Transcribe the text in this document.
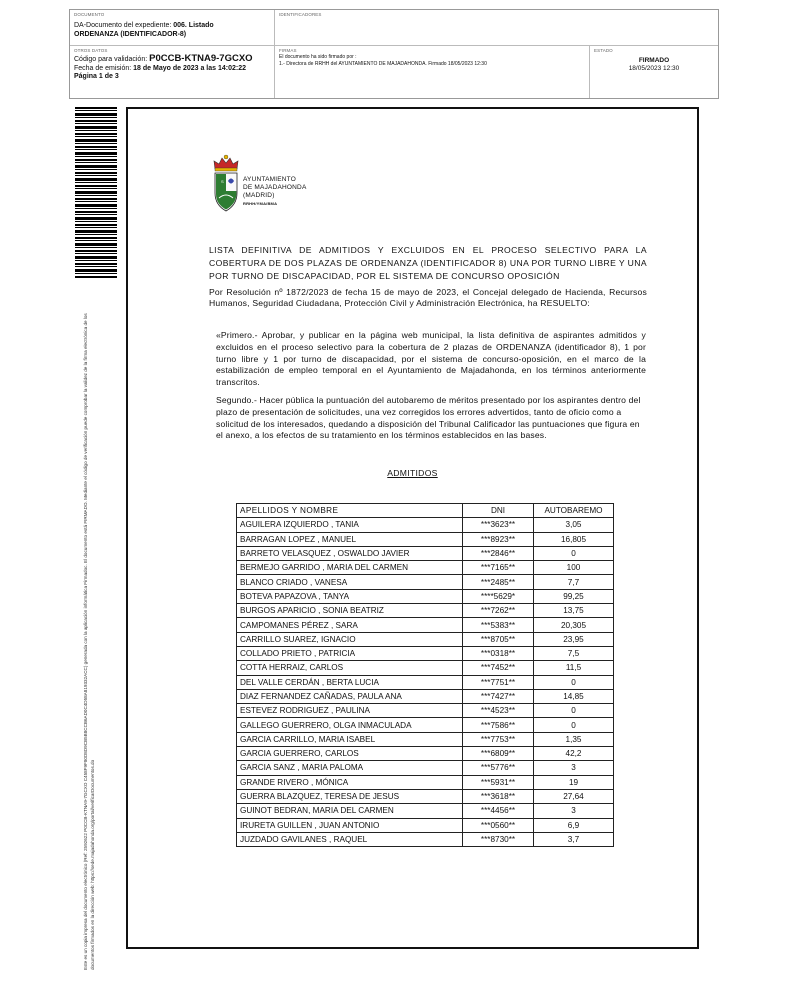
DOCUMENTO
DA-Documento del expediente: 006. Listado
ORDENANZA (IDENTIFICADOR-8)
IDENTIFICADORES
OTROS DATOS
Código para validación: P0CCB-KTNA9-7GCXO
Fecha de emisión: 18 de Mayo de 2023 a las 14:02:22
Página 1 de 3
FIRMAS
El documento ha sido firmado por :
1.- Directora de RRHH del AYUNTAMIENTO DE MAJADAHONDA. Firmado 18/05/2023 12:30
ESTADO
FIRMADO
18/05/2023 12:30
Este es un copia impresa del documento electrónico (Ref: 2592622 P0CCB-KTNA9-7GCXO C458F9F80D8D9CB5B8CCB6AD0C4D58A819332ACC) generada con la aplicación informática Firmadoc. El documento está FIRMADO. Mediante el código de verificación puede comprobar la validez de la firma electrónica de los documentos firmados en la dirección web: https://sede.majadahonda.org/portal/verificarDocumentos.do
S	AYUNTAMIENTO
DE MAJADAHONDA
(MADRID)
RRHH/YMA/BMA
LISTA DEFINITIVA DE ADMITIDOS Y EXCLUIDOS EN EL PROCESO SELECTIVO PARA LA COBERTURA DE DOS PLAZAS DE ORDENANZA (IDENTIFICADOR 8) UNA POR TURNO LIBRE Y UNA POR TURNO DE DISCAPACIDAD, POR EL SISTEMA DE CONCURSO OPOSICIÓN
Por Resolución nº 1872/2023 de fecha 15 de mayo de 2023, el Concejal delegado de Hacienda, Recursos Humanos, Seguridad Ciudadana, Protección Civil y Administración Electrónica, ha RESUELTO:
«Primero.- Aprobar, y publicar en la página web municipal, la lista definitiva de aspirantes admitidos y excluidos en el proceso selectivo para la cobertura de 2 plazas de ORDENANZA (identificador 8), 1 por turno libre y 1 por turno de discapacidad, por el sistema de concurso-oposición, en el marco de la estabilización de empleo temporal en el Ayuntamiento de Majadahonda, en los términos anteriormente transcritos.
Segundo.- Hacer pública la puntuación del autobaremo de méritos presentado por los aspirantes dentro del plazo de presentación de solicitudes, una vez corregidos los errores advertidos, tanto de oficio como a solicitud de los interesados, quedando a disposición del Tribunal Calificador las puntuaciones que figura en el anexo, a los efectos de su tratamiento en los términos establecidos en las bases.
ADMITIDOS
APELLIDOS Y NOMBRE	DNI	AUTOBAREMO
AGUILERA IZQUIERDO , TANIA	***3623**	3,05
BARRAGAN LOPEZ , MANUEL	***8923**	16,805
BARRETO VELASQUEZ , OSWALDO JAVIER	***2846**	0
BERMEJO GARRIDO , MARIA DEL CARMEN	***7165**	100
BLANCO CRIADO , VANESA	***2485**	7,7
BOTEVA PAPAZOVA , TANYA	****5629*	99,25
BURGOS APARICIO , SONIA BEATRIZ	***7262**	13,75
CAMPOMANES PÉREZ , SARA	***5383**	20,305
CARRILLO SUAREZ, IGNACIO	***8705**	23,95
COLLADO PRIETO , PATRICIA	***0318**	7,5
COTTA HERRAIZ, CARLOS	***7452**	11,5
DEL VALLE CERDÁN , BERTA LUCIA	***7751**	0
DIAZ FERNANDEZ CAÑADAS, PAULA ANA	***7427**	14,85
ESTEVEZ RODRIGUEZ , PAULINA	***4523**	0
GALLEGO GUERRERO, OLGA INMACULADA	***7586**	0
GARCIA CARRILLO, MARIA ISABEL	***7753**	1,35
GARCIA GUERRERO, CARLOS	***6809**	42,2
GARCIA SANZ , MARIA PALOMA	***5776**	3
GRANDE RIVERO , MÓNICA	***5931**	19
GUERRA BLAZQUEZ, TERESA DE JESUS	***3618**	27,64
GUINOT BEDRAN, MARIA DEL CARMEN	***4456**	3
IRURETA GUILLEN , JUAN ANTONIO	***0560**	6,9
JUZDADO GAVILANES , RAQUEL	***8730**	3,7
